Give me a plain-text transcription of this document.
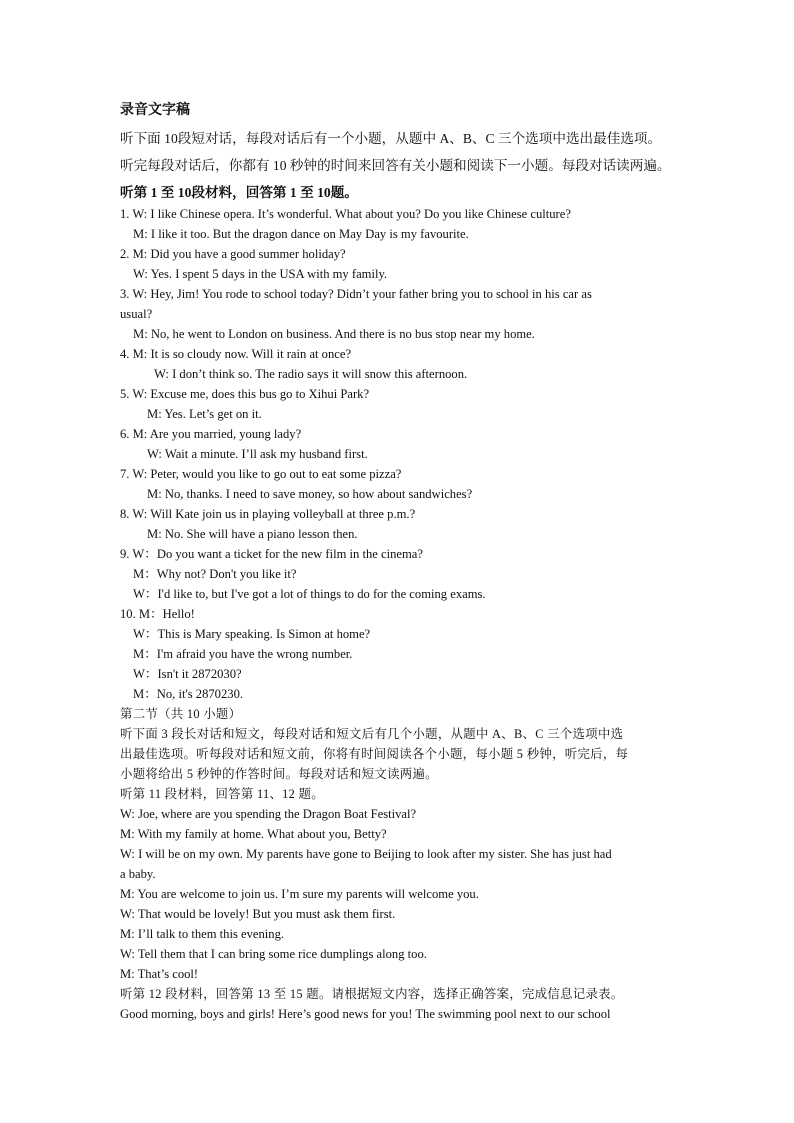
录音文字稿
听下面 10段短对话，每段对话后有一个小题，从题中 A、B、C 三个选项中选出最佳选项。
听完每段对话后，你都有 10 秒钟的时间来回答有关小题和阅读下一小题。每段对话读两遍。
听第 1 至 10段材料，回答第 1 至 10题。
1. W: I like Chinese opera. It’s wonderful. What about you? Do you like Chinese culture?
M: I like it too. But the dragon dance on May Day is my favourite.
2. M: Did you have a good summer holiday?
W: Yes. I spent 5 days in the USA with my family.
3. W: Hey, Jim! You rode to school today? Didn’t your father bring you to school in his car as
usual?
M: No, he went to London on business. And there is no bus stop near my home.
4. M: It is so cloudy now. Will it rain at once?
W: I don’t think so. The radio says it will snow this afternoon.
5. W: Excuse me, does this bus go to Xihui Park?
M: Yes. Let’s get on it.
6. M: Are you married, young lady?
W: Wait a minute. I’ll ask my husband first.
7. W: Peter, would you like to go out to eat some pizza?
M: No, thanks. I need to save money, so how about sandwiches?
8. W: Will Kate join us in playing volleyball at three p.m.?
M: No. She will have a piano lesson then.
9. W：Do you want a ticket for the new film in the cinema?
M：Why not? Don't you like it?
W：I'd like to, but I've got a lot of things to do for the coming exams.
10. M：Hello!
W：This is Mary speaking. Is Simon at home?
M：I'm afraid you have the wrong number.
W：Isn't it 2872030?
M：No, it's 2870230.
第二节（共 10 小题）
听下面 3 段长对话和短文，每段对话和短文后有几个小题，从题中 A、B、C 三个选项中选
出最佳选项。听每段对话和短文前，你将有时间阅读各个小题，每小题 5 秒钟，听完后，每
小题将给出 5 秒钟的作答时间。每段对话和短文读两遍。
听第 11 段材料，回答第 11、12 题。
W: Joe, where are you spending the Dragon Boat Festival?
M: With my family at home. What about you, Betty?
W: I will be on my own. My parents have gone to Beijing to look after my sister. She has just had
a baby.
M: You are welcome to join us. I’m sure my parents will welcome you.
W: That would be lovely! But you must ask them first.
M: I’ll talk to them this evening.
W: Tell them that I can bring some rice dumplings along too.
M: That’s cool!
听第 12 段材料，回答第 13 至 15 题。请根据短文内容，选择正确答案，完成信息记录表。
Good morning, boys and girls! Here’s good news for you! The swimming pool next to our school
